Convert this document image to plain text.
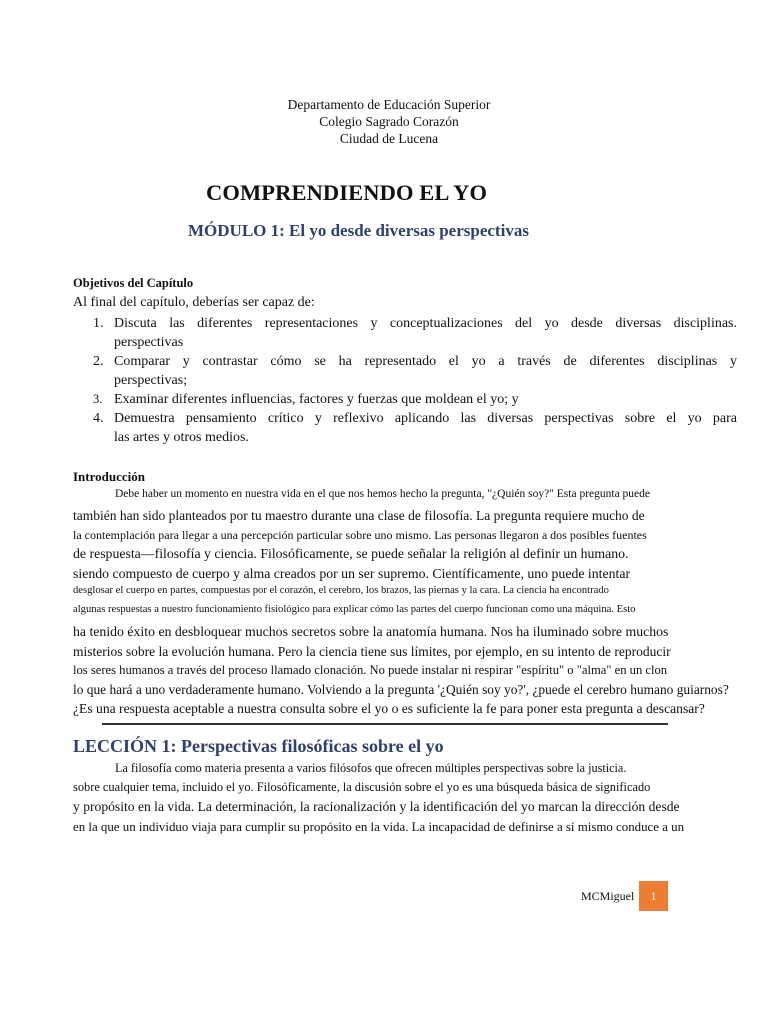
Departamento de Educación Superior
Colegio Sagrado Corazón
Ciudad de Lucena
COMPRENDIENDO EL YO
MÓDULO 1: El yo desde diversas perspectivas
Objetivos del Capítulo
Al final del capítulo, deberías ser capaz de:
1. Discuta las diferentes representaciones y conceptualizaciones del yo desde diversas disciplinas.
perspectivas
2. Comparar y contrastar cómo se ha representado el yo a través de diferentes disciplinas y
perspectivas;
3. Examinar diferentes influencias, factores y fuerzas que moldean el yo; y
4. Demuestra pensamiento crítico y reflexivo aplicando las diversas perspectivas sobre el yo para
las artes y otros medios.
Introducción
Debe haber un momento en nuestra vida en el que nos hemos hecho la pregunta, "¿Quién soy?" Esta pregunta puede
también han sido planteados por tu maestro durante una clase de filosofía. La pregunta requiere mucho de
la contemplación para llegar a una percepción particular sobre uno mismo. Las personas llegaron a dos posibles fuentes
de respuesta—filosofía y ciencia. Filosóficamente, se puede señalar la religión al definir un humano.
siendo compuesto de cuerpo y alma creados por un ser supremo. Científicamente, uno puede intentar
desglosar el cuerpo en partes, compuestas por el corazón, el cerebro, los brazos, las piernas y la cara. La ciencia ha encontrado
algunas respuestas a nuestro funcionamiento fisiológico para explicar cómo las partes del cuerpo funcionan como una máquina. Esto
ha tenido éxito en desbloquear muchos secretos sobre la anatomía humana. Nos ha iluminado sobre muchos
misterios sobre la evolución humana. Pero la ciencia tiene sus límites, por ejemplo, en su intento de reproducir
los seres humanos a través del proceso llamado clonación. No puede instalar ni respirar "espíritu" o "alma" en un clon
lo que hará a uno verdaderamente humano. Volviendo a la pregunta '¿Quién soy yo?', ¿puede el cerebro humano guiarnos?
¿Es una respuesta aceptable a nuestra consulta sobre el yo o es suficiente la fe para poner esta pregunta a descansar?
LECCIÓN 1: Perspectivas filosóficas sobre el yo
La filosofía como materia presenta a varios filósofos que ofrecen múltiples perspectivas sobre la justicia.
sobre cualquier tema, incluido el yo. Filosóficamente, la discusión sobre el yo es una búsqueda básica de significado
y propósito en la vida. La determinación, la racionalización y la identificación del yo marcan la dirección desde
en la que un individuo viaja para cumplir su propósito en la vida. La incapacidad de definirse a sí mismo conduce a un
MCMiguel	1
